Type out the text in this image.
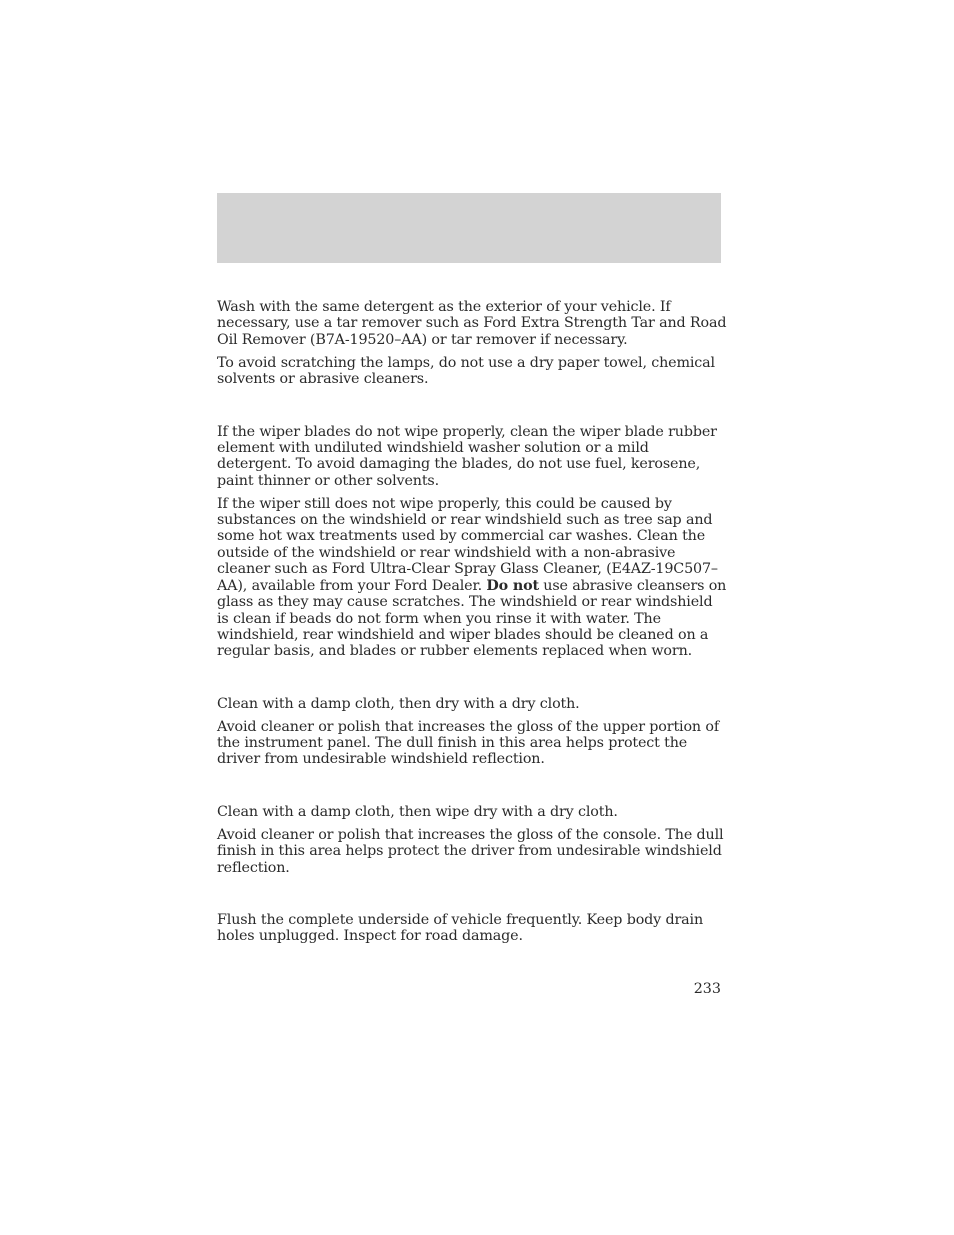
Wash with the same detergent as the exterior of your vehicle. If necessary, use a tar remover such as Ford Extra Strength Tar and Road Oil Remover (B7A-19520–AA) or tar remover if necessary.

To avoid scratching the lamps, do not use a dry paper towel, chemical solvents or abrasive cleaners.

If the wiper blades do not wipe properly, clean the wiper blade rubber element with undiluted windshield washer solution or a mild detergent. To avoid damaging the blades, do not use fuel, kerosene, paint thinner or other solvents.

If the wiper still does not wipe properly, this could be caused by substances on the windshield or rear windshield such as tree sap and some hot wax treatments used by commercial car washes. Clean the outside of the windshield or rear windshield with a non-abrasive cleaner such as Ford Ultra-Clear Spray Glass Cleaner, (E4AZ-19C507–AA), available from your Ford Dealer. Do not use abrasive cleansers on glass as they may cause scratches. The windshield or rear windshield is clean if beads do not form when you rinse it with water. The windshield, rear windshield and wiper blades should be cleaned on a regular basis, and blades or rubber elements replaced when worn.

Clean with a damp cloth, then dry with a dry cloth.

Avoid cleaner or polish that increases the gloss of the upper portion of the instrument panel. The dull finish in this area helps protect the driver from undesirable windshield reflection.

Clean with a damp cloth, then wipe dry with a dry cloth.

Avoid cleaner or polish that increases the gloss of the console. The dull finish in this area helps protect the driver from undesirable windshield reflection.

Flush the complete underside of vehicle frequently. Keep body drain holes unplugged. Inspect for road damage.

233
